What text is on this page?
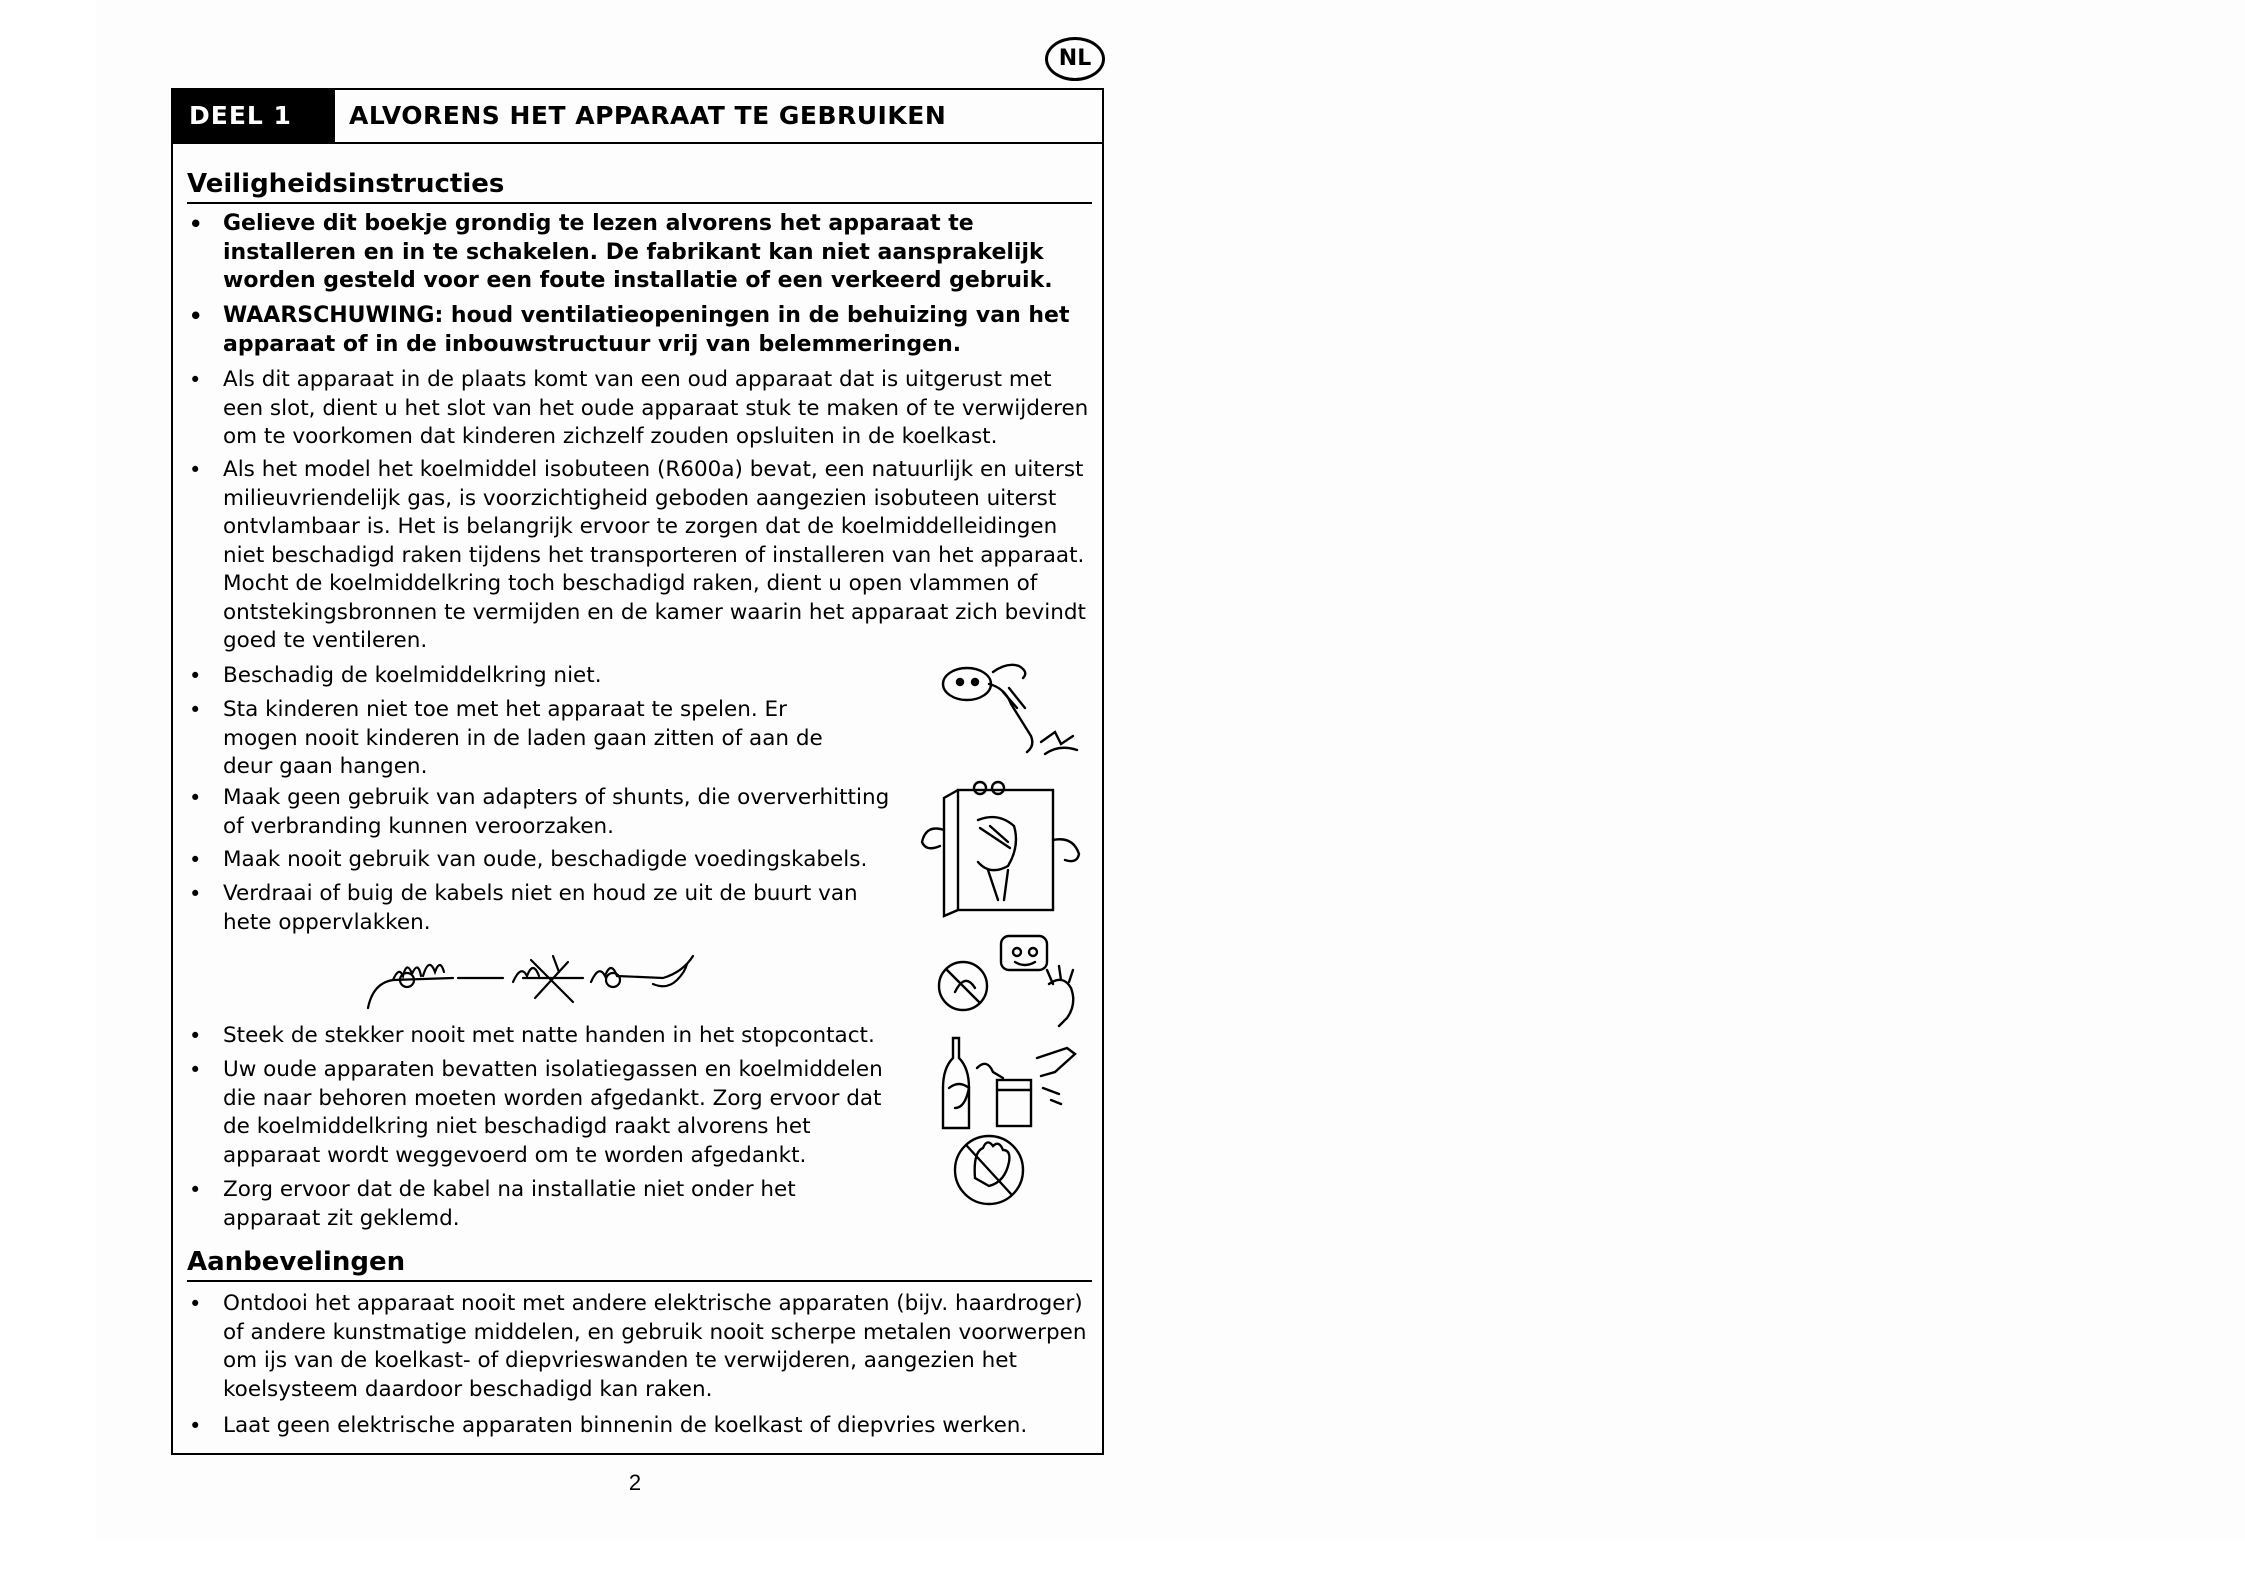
NL
DEEL 1	ALVORENS HET APPARAAT TE GEBRUIKEN
Veiligheidsinstructies
• Gelieve dit boekje grondig te lezen alvorens het apparaat te installeren en in te schakelen. De fabrikant kan niet aansprakelijk worden gesteld voor een foute installatie of een verkeerd gebruik.
• WAARSCHUWING: houd ventilatieopeningen in de behuizing van het apparaat of in de inbouwstructuur vrij van belemmeringen.
• Als dit apparaat in de plaats komt van een oud apparaat dat is uitgerust met een slot, dient u het slot van het oude apparaat stuk te maken of te verwijderen om te voorkomen dat kinderen zichzelf zouden opsluiten in de koelkast.
• Als het model het koelmiddel isobuteen (R600a) bevat, een natuurlijk en uiterst milieuvriendelijk gas, is voorzichtigheid geboden aangezien isobuteen uiterst ontvlambaar is. Het is belangrijk ervoor te zorgen dat de koelmiddelleidingen niet beschadigd raken tijdens het transporteren of installeren van het apparaat. Mocht de koelmiddelkring toch beschadigd raken, dient u open vlammen of ontstekingsbronnen te vermijden en de kamer waarin het apparaat zich bevindt goed te ventileren.
• Beschadig de koelmiddelkring niet.
• Sta kinderen niet toe met het apparaat te spelen. Er mogen nooit kinderen in de laden gaan zitten of aan de deur gaan hangen.
• Maak geen gebruik van adapters of shunts, die oververhitting of verbranding kunnen veroorzaken.
• Maak nooit gebruik van oude, beschadigde voedingskabels.
• Verdraai of buig de kabels niet en houd ze uit de buurt van hete oppervlakken.
• Steek de stekker nooit met natte handen in het stopcontact.
• Uw oude apparaten bevatten isolatiegassen en koelmiddelen die naar behoren moeten worden afgedankt. Zorg ervoor dat de koelmiddelkring niet beschadigd raakt alvorens het apparaat wordt weggevoerd om te worden afgedankt.
• Zorg ervoor dat de kabel na installatie niet onder het apparaat zit geklemd.
Aanbevelingen
• Ontdooi het apparaat nooit met andere elektrische apparaten (bijv. haardroger) of andere kunstmatige middelen, en gebruik nooit scherpe metalen voorwerpen om ijs van de koelkast- of diepvrieswanden te verwijderen, aangezien het koelsysteem daardoor beschadigd kan raken.
• Laat geen elektrische apparaten binnenin de koelkast of diepvries werken.
2
